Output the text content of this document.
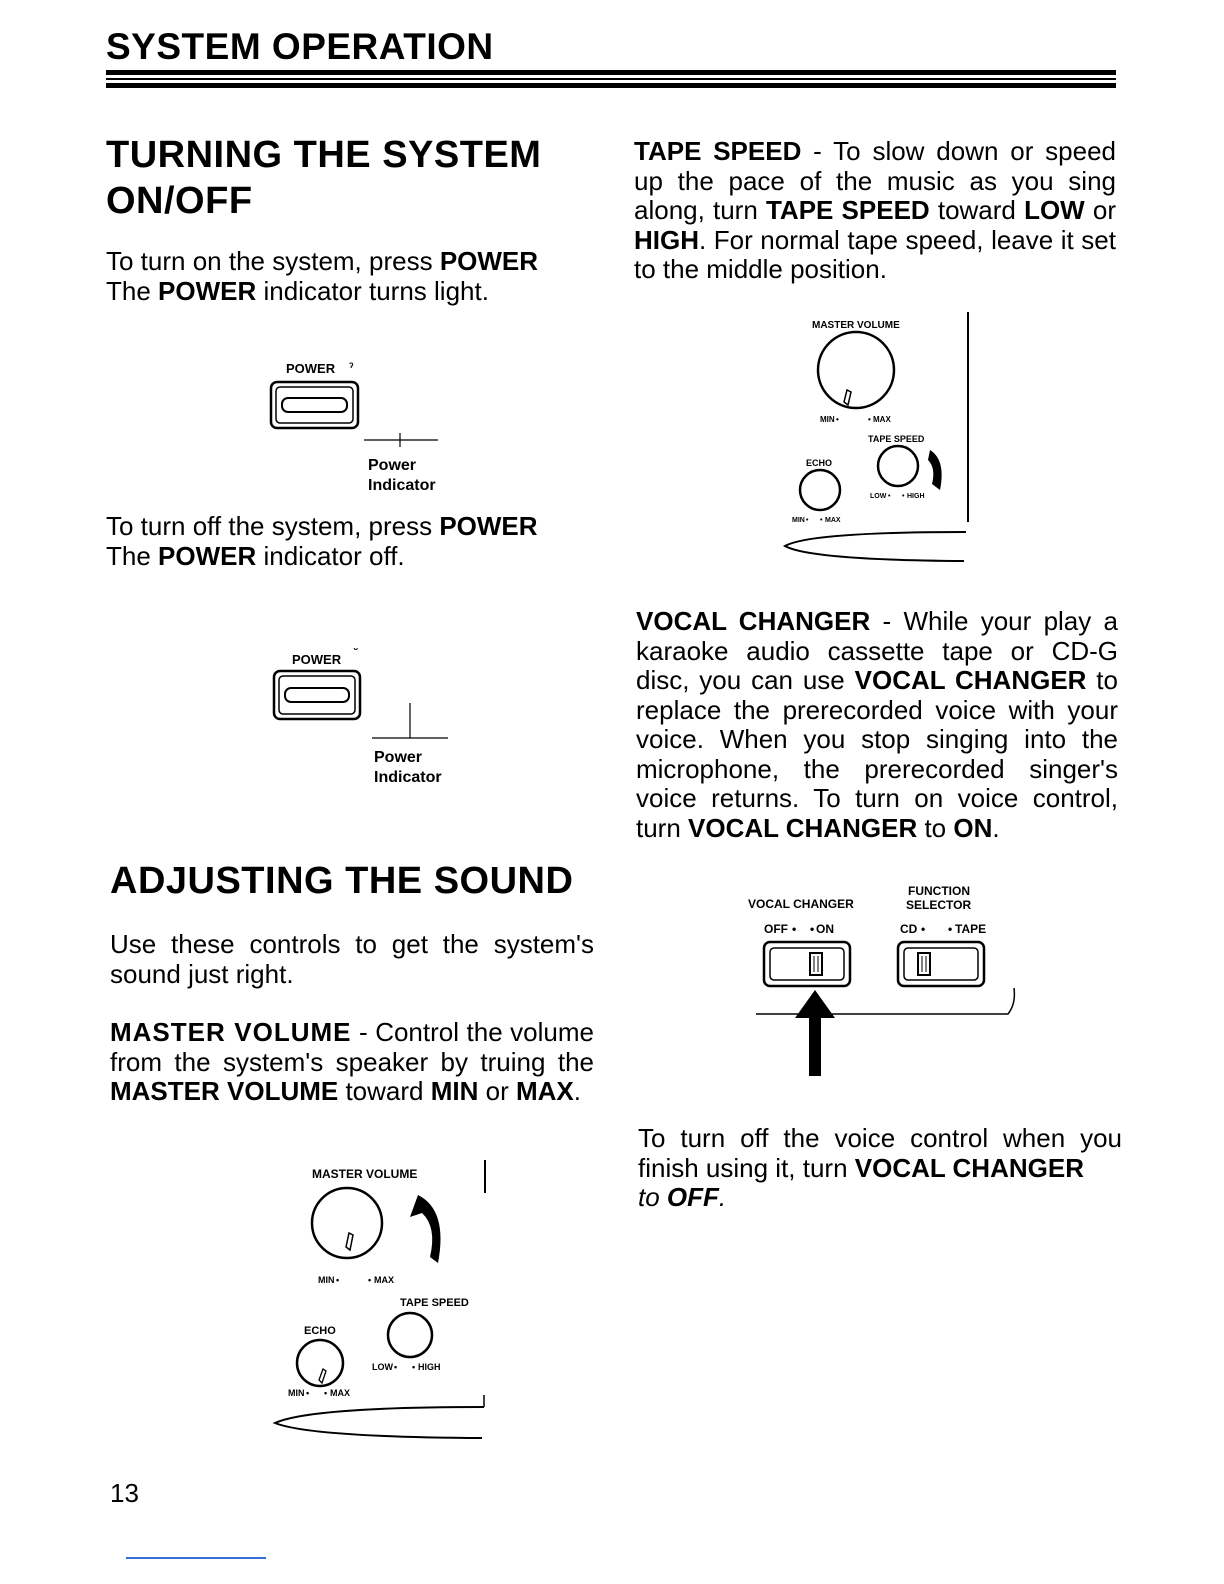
SYSTEM OPERATION
TURNING THE SYSTEM
ON/OFF

To turn on the system, press POWER
The POWER indicator turns light.

POWER ˀ
Power
Indicator

To turn off the system, press POWER
The POWER indicator off.

POWER ˘
Power
Indicator
ADJUSTING THE SOUND

Use these controls to get the system's sound just right.

MASTER VOLUME - Control the volume from the system's speaker by truing the MASTER VOLUME toward MIN or MAX.

MASTER VOLUME
MIN •	• MAX
TAPE SPEED
ECHO
LOW • • HIGH
MIN • • MAX
13

TAPE SPEED - To slow down or speed up the pace of the music as you sing along, turn TAPE SPEED toward LOW or HIGH. For normal tape speed, leave it set to the middle position.

MASTER VOLUME
MIN •	• MAX
TAPE SPEED
ECHO
LOW • • HIGH
MIN • • MAX

VOCAL CHANGER - While your play a karaoke audio cassette tape or CD-G disc, you can use VOCAL CHANGER to replace the prerecorded voice with your voice. When you stop singing into the microphone, the prerecorded singer's voice returns. To turn on voice control, turn VOCAL CHANGER to ON.

VOCAL CHANGER
FUNCTION
SELECTOR
OFF • • ON	CD • • TAPE

To turn off the voice control when you finish using it, turn VOCAL CHANGER
to OFF.
